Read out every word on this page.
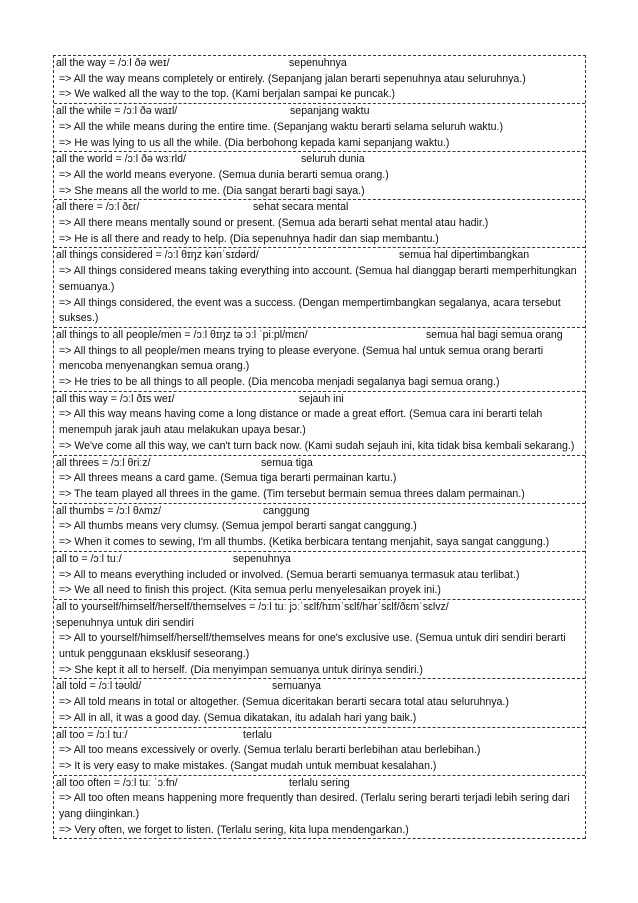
all the way = /ɔːl ðə weɪ/	sepenuhnya
=> All the way means completely or entirely. (Sepanjang jalan berarti sepenuhnya atau seluruhnya.)
=> We walked all the way to the top. (Kami berjalan sampai ke puncak.)
all the while = /ɔːl ðə waɪl/	sepanjang waktu
=> All the while means during the entire time. (Sepanjang waktu berarti selama seluruh waktu.)
=> He was lying to us all the while. (Dia berbohong kepada kami sepanjang waktu.)
all the world = /ɔːl ðə wɜːrld/	seluruh dunia
=> All the world means everyone. (Semua dunia berarti semua orang.)
=> She means all the world to me. (Dia sangat berarti bagi saya.)
all there = /ɔːl ðɛr/	sehat secara mental
=> All there means mentally sound or present. (Semua ada berarti sehat mental atau hadir.)
=> He is all there and ready to help. (Dia sepenuhnya hadir dan siap membantu.)
all things considered = /ɔːl θɪŋz kənˈsɪdərd/	semua hal dipertimbangkan
=> All things considered means taking everything into account. (Semua hal dianggap berarti memperhitungkan semuanya.)
=> All things considered, the event was a success. (Dengan mempertimbangkan segalanya, acara tersebut sukses.)
all things to all people/men = /ɔːl θɪŋz tə ɔːl ˈpiːpl/mɛn/	semua hal bagi semua orang
=> All things to all people/men means trying to please everyone. (Semua hal untuk semua orang berarti mencoba menyenangkan semua orang.)
=> He tries to be all things to all people. (Dia mencoba menjadi segalanya bagi semua orang.)
all this way = /ɔːl ðɪs weɪ/	sejauh ini
=> All this way means having come a long distance or made a great effort. (Semua cara ini berarti telah menempuh jarak jauh atau melakukan upaya besar.)
=> We've come all this way, we can't turn back now. (Kami sudah sejauh ini, kita tidak bisa kembali sekarang.)
all threes = /ɔːl θriːz/	semua tiga
=> All threes means a card game. (Semua tiga berarti permainan kartu.)
=> The team played all threes in the game. (Tim tersebut bermain semua threes dalam permainan.)
all thumbs = /ɔːl θʌmz/	canggung
=> All thumbs means very clumsy. (Semua jempol berarti sangat canggung.)
=> When it comes to sewing, I'm all thumbs. (Ketika berbicara tentang menjahit, saya sangat canggung.)
all to = /ɔːl tuː/	sepenuhnya
=> All to means everything included or involved. (Semua berarti semuanya termasuk atau terlibat.)
=> We all need to finish this project. (Kita semua perlu menyelesaikan proyek ini.)
all to yourself/himself/herself/themselves = /ɔːl tuː jɔːˈsɛlf/hɪmˈsɛlf/hərˈsɛlf/ðɛmˈsɛlvz/
sepenuhnya untuk diri sendiri
=> All to yourself/himself/herself/themselves means for one's exclusive use. (Semua untuk diri sendiri berarti untuk penggunaan eksklusif seseorang.)
=> She kept it all to herself. (Dia menyimpan semuanya untuk dirinya sendiri.)
all told = /ɔːl təʊld/	semuanya
=> All told means in total or altogether. (Semua diceritakan berarti secara total atau seluruhnya.)
=> All in all, it was a good day. (Semua dikatakan, itu adalah hari yang baik.)
all too = /ɔːl tuː/	terlalu
=> All too means excessively or overly. (Semua terlalu berarti berlebihan atau berlebihan.)
=> It is very easy to make mistakes. (Sangat mudah untuk membuat kesalahan.)
all too often = /ɔːl tuː ˈɔːfn/	terlalu sering
=> All too often means happening more frequently than desired. (Terlalu sering berarti terjadi lebih sering dari yang diinginkan.)
=> Very often, we forget to listen. (Terlalu sering, kita lupa mendengarkan.)
